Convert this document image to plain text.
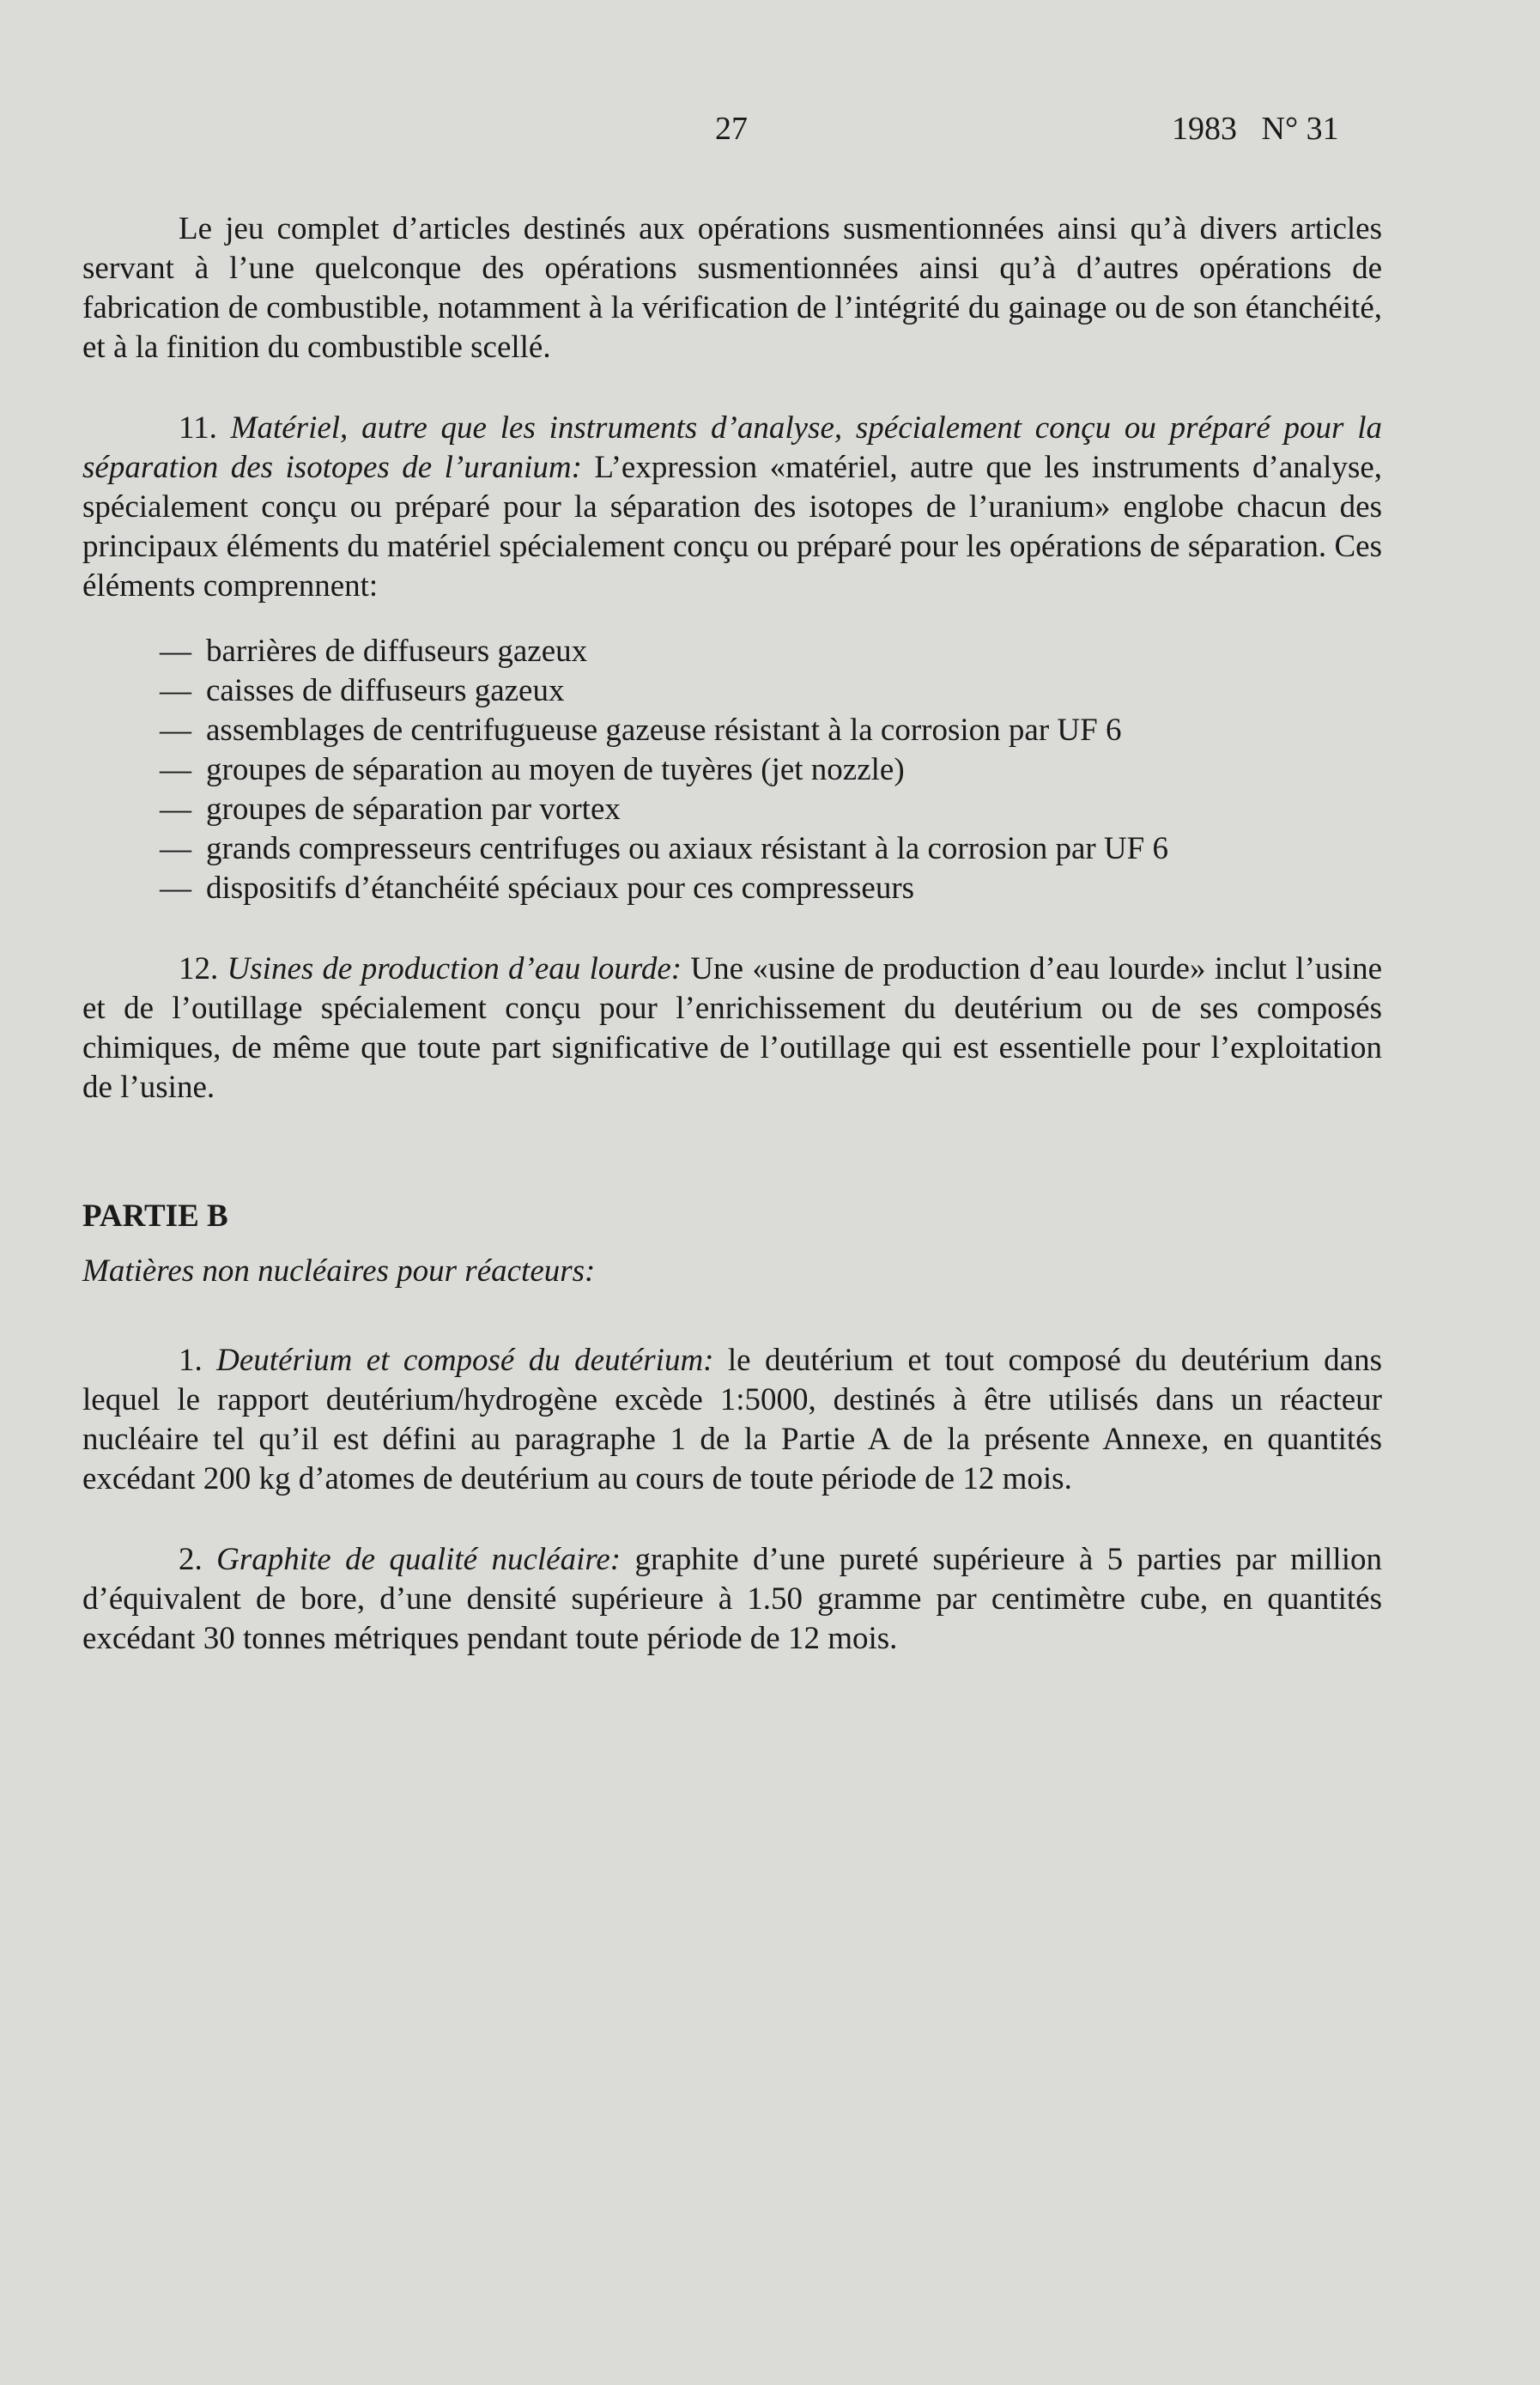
27	1983   N° 31

Le jeu complet d’articles destinés aux opérations susmentionnées ainsi qu’à divers articles servant à l’une quelconque des opérations susmentionnées ainsi qu’à d’autres opérations de fabrication de combustible, notamment à la vérification de l’intégrité du gainage ou de son étanchéité, et à la finition du combustible scellé.

11. Matériel, autre que les instruments d’analyse, spécialement conçu ou préparé pour la séparation des isotopes de l’uranium: L’expression «matériel, autre que les instruments d’analyse, spécialement conçu ou préparé pour la séparation des isotopes de l’uranium» englobe chacun des principaux éléments du matériel spécialement conçu ou préparé pour les opérations de séparation. Ces éléments comprennent:

— barrières de diffuseurs gazeux
— caisses de diffuseurs gazeux
— assemblages de centrifugueuse gazeuse résistant à la corrosion par UF 6
— groupes de séparation au moyen de tuyères (jet nozzle)
— groupes de séparation par vortex
— grands compresseurs centrifuges ou axiaux résistant à la corrosion par UF 6
— dispositifs d’étanchéité spéciaux pour ces compresseurs

12. Usines de production d’eau lourde: Une «usine de production d’eau lourde» inclut l’usine et de l’outillage spécialement conçu pour l’enrichissement du deutérium ou de ses composés chimiques, de même que toute part significative de l’outillage qui est essentielle pour l’exploitation de l’usine.

PARTIE B

Matières non nucléaires pour réacteurs:

1. Deutérium et composé du deutérium: le deutérium et tout composé du deutérium dans lequel le rapport deutérium/hydrogène excède 1:5000, destinés à être utilisés dans un réacteur nucléaire tel qu’il est défini au paragraphe 1 de la Partie A de la présente Annexe, en quantités excédant 200 kg d’atomes de deutérium au cours de toute période de 12 mois.

2. Graphite de qualité nucléaire: graphite d’une pureté supérieure à 5 parties par million d’équivalent de bore, d’une densité supérieure à 1.50 gramme par centimètre cube, en quantités excédant 30 tonnes métriques pendant toute période de 12 mois.
